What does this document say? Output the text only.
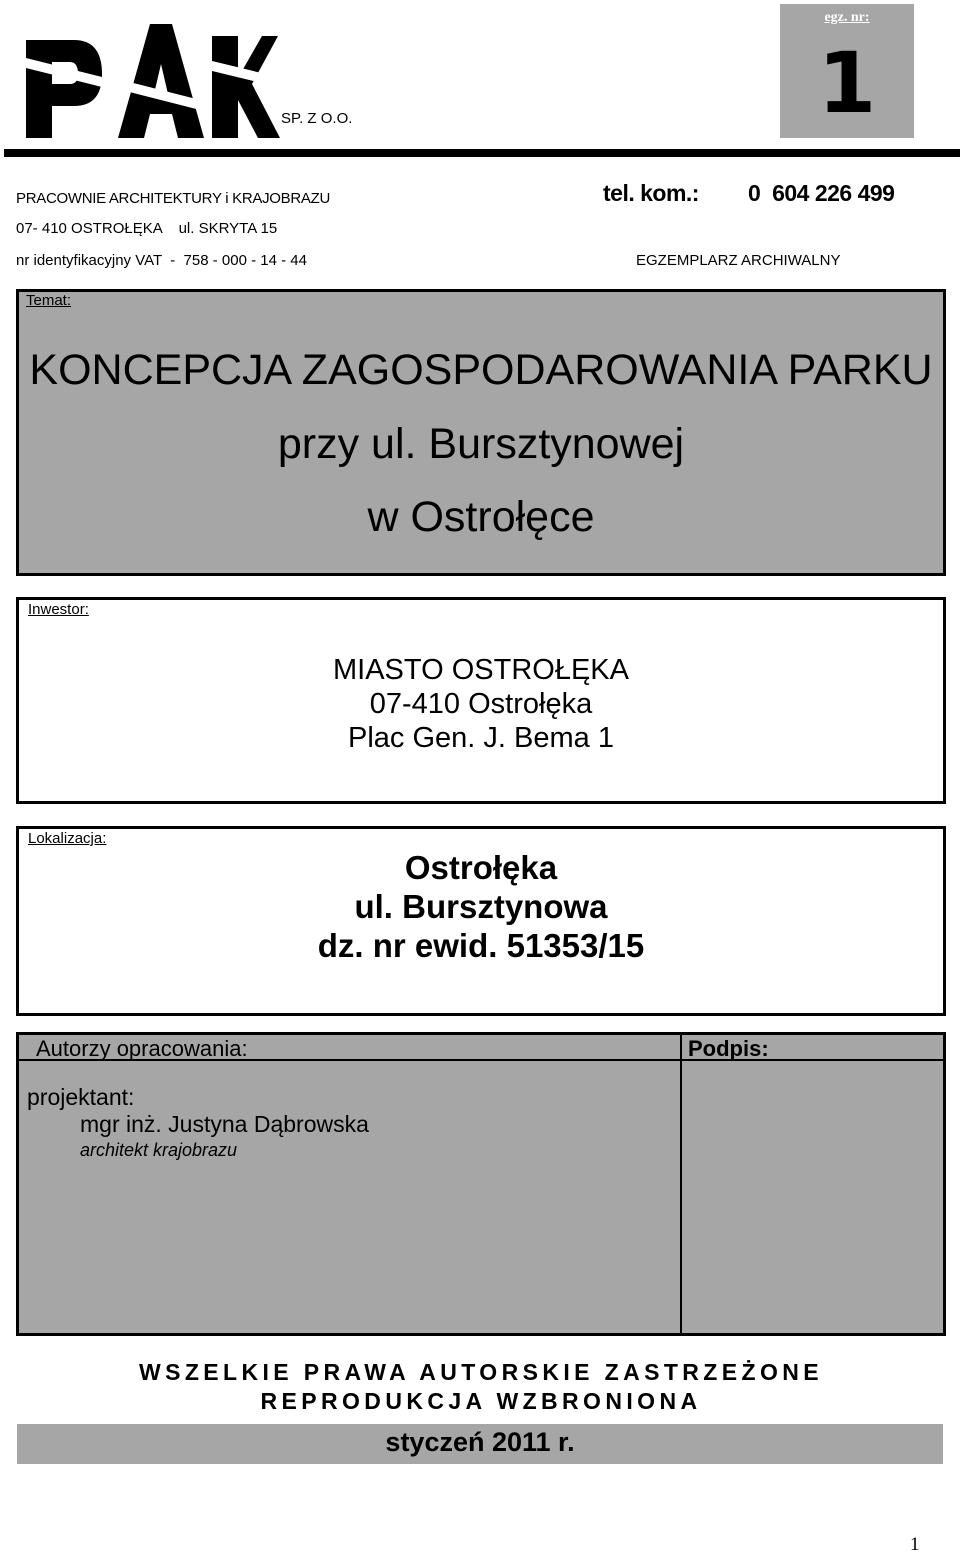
SP. Z O.O.
egz. nr:
1
PRACOWNIE ARCHITEKTURY i KRAJOBRAZU
07- 410 OSTROŁĘKA    ul. SKRYTA 15
nr identyfikacyjny VAT  -  758 - 000 - 14 - 44
tel. kom.: 0  604 226 499
EGZEMPLARZ ARCHIWALNY
Temat:
KONCEPCJA ZAGOSPODAROWANIA PARKU
przy ul. Bursztynowej
w Ostrołęce
Inwestor:
MIASTO OSTROŁĘKA
07-410 Ostrołęka
Plac Gen. J. Bema 1
Lokalizacja:
Ostrołęka
ul. Bursztynowa
dz. nr ewid. 51353/15
Autorzy opracowania:	Podpis:
projektant:
mgr inż. Justyna Dąbrowska
architekt krajobrazu
WSZELKIE PRAWA AUTORSKIE ZASTRZEŻONE
REPRODUKCJA WZBRONIONA
styczeń 2011 r.
1
